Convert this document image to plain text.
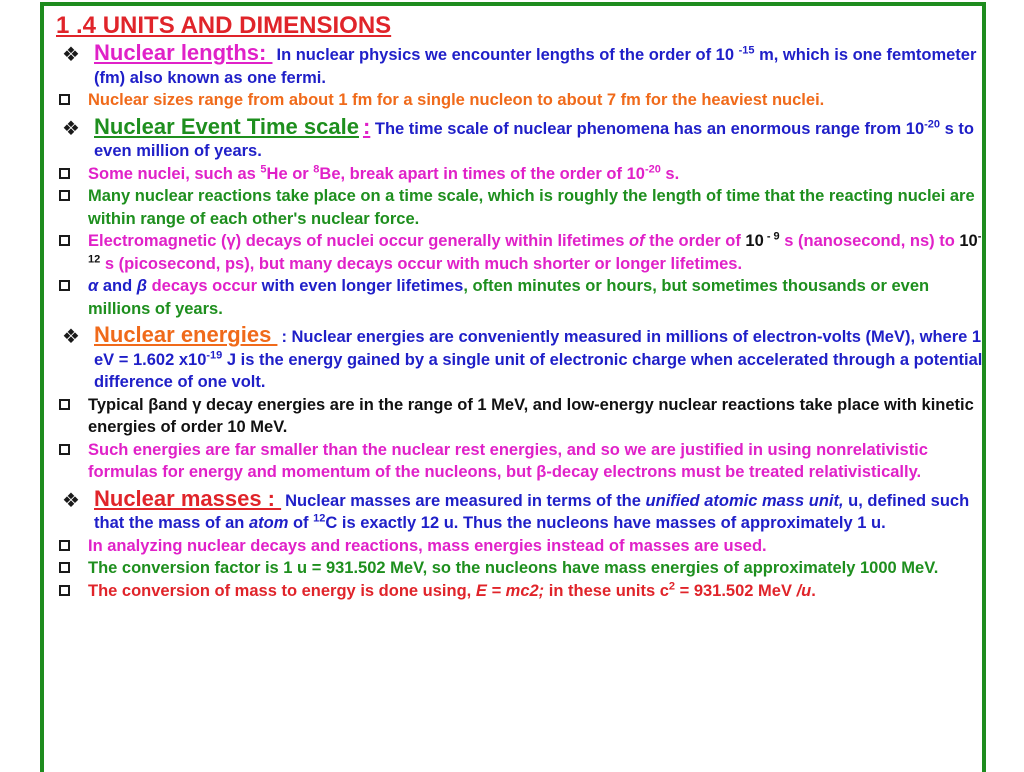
1 .4 UNITS AND DIMENSIONS
❖ Nuclear lengths: In nuclear physics we encounter lengths of the order of 10 $^{-15}$ m, which is one femtometer (fm) also known as one fermi.
Nuclear sizes range from about 1 fm for a single nucleon to about 7 fm for the heaviest nuclei.
❖ Nuclear Event Time scale : The time scale of nuclear phenomena has an enormous range from $10^{-20}$ s to even million of years.
Some nuclei, such as $^5$He or $^8$Be, break apart in times of the order of $10^{-20}$ s.
Many nuclear reactions take place on a time scale, which is roughly the length of time that the reacting nuclei are within range of each other's nuclear force.
Electromagnetic (γ) decays of nuclei occur generally within lifetimes of the order of 10 $^{- 9}$ s (nanosecond, ns) to $10^{-12}$ s (picosecond, ps), but many decays occur with much shorter or longer lifetimes.
α and β decays occur with even longer lifetimes, often minutes or hours, but sometimes thousands or even millions of years.
❖ Nuclear energies : Nuclear energies are conveniently measured in millions of electron-volts (MeV), where 1 eV = 1.602 $x10^{-19}$ J is the energy gained by a single unit of electronic charge when accelerated through a potential difference of one volt.
Typical βand γ decay energies are in the range of 1 MeV, and low-energy nuclear reactions take place with kinetic energies of order 10 MeV.
Such energies are far smaller than the nuclear rest energies, and so we are justified in using nonrelativistic formulas for energy and momentum of the nucleons, but β-decay electrons must be treated relativistically.
❖ Nuclear masses : Nuclear masses are measured in terms of the unified atomic mass unit, u, defined such that the mass of an atom of $^{12}$C is exactly 12 u. Thus the nucleons have masses of approximately 1 u.
In analyzing nuclear decays and reactions, mass energies instead of masses are used.
The conversion factor is 1 u = 931.502 MeV, so the nucleons have mass energies of approximately 1000 MeV.
The conversion of mass to energy is done using, E = mc2; in these units $c^2 = 931.502$ MeV /u.
